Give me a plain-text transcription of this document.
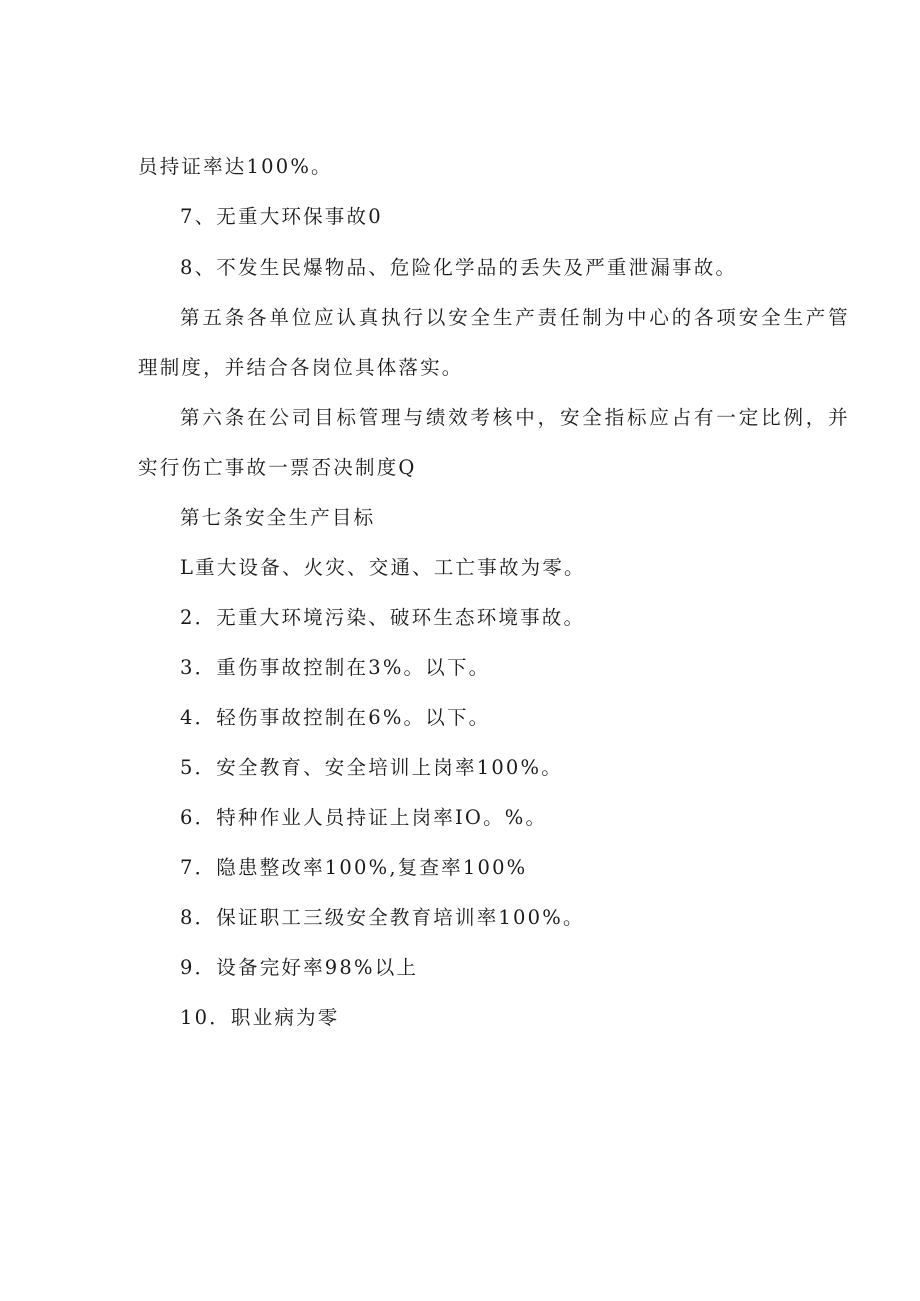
员持证率达100%。
7、无重大环保事故0
8、不发生民爆物品、危险化学品的丢失及严重泄漏事故。
第五条各单位应认真执行以安全生产责任制为中心的各项安全生产管
理制度，并结合各岗位具体落实。
第六条在公司目标管理与绩效考核中，安全指标应占有一定比例，并
实行伤亡事故一票否决制度Q
第七条安全生产目标
L重大设备、火灾、交通、工亡事故为零。
2．无重大环境污染、破环生态环境事故。
3．重伤事故控制在3%。以下。
4．轻伤事故控制在6%。以下。
5．安全教育、安全培训上岗率100%。
6．特种作业人员持证上岗率IO。%。
7．隐患整改率100%,复查率100%
8．保证职工三级安全教育培训率100%。
9．设备完好率98%以上
10．职业病为零
